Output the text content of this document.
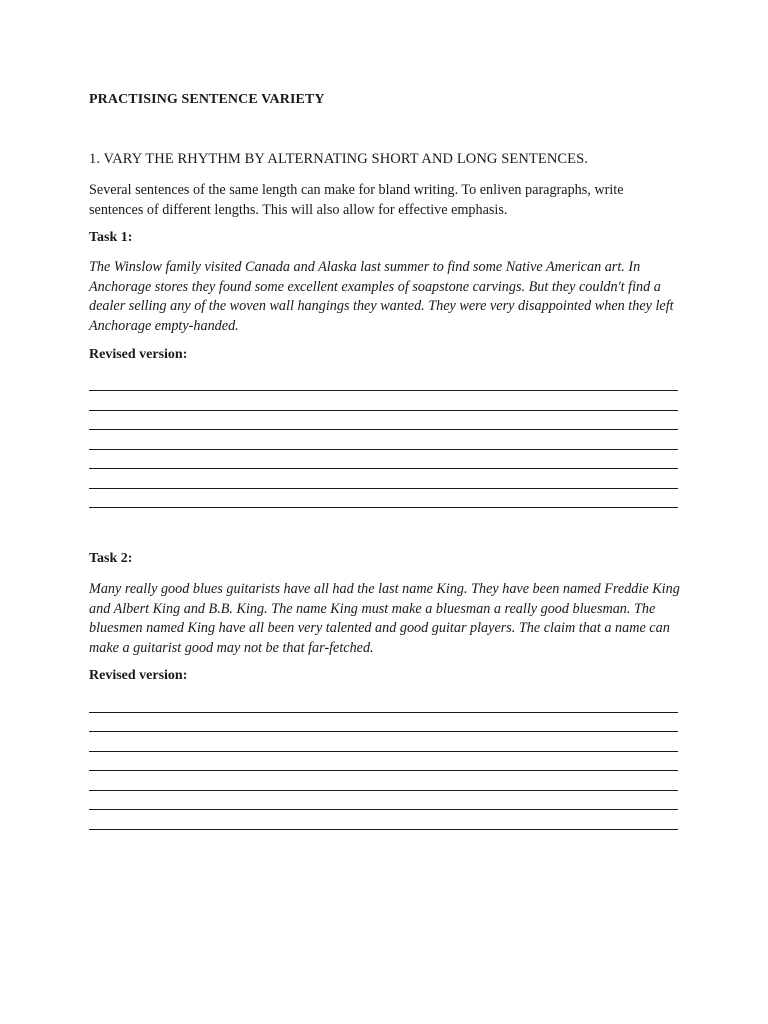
PRACTISING SENTENCE VARIETY
1. VARY THE RHYTHM BY ALTERNATING SHORT AND LONG SENTENCES.
Several sentences of the same length can make for bland writing. To enliven paragraphs, write sentences of different lengths. This will also allow for effective emphasis.
Task 1:
The Winslow family visited Canada and Alaska last summer to find some Native American art. In Anchorage stores they found some excellent examples of soapstone carvings. But they couldn't find a dealer selling any of the woven wall hangings they wanted. They were very disappointed when they left Anchorage empty-handed.
Revised version:
Task 2:
Many really good blues guitarists have all had the last name King. They have been named Freddie King and Albert King and B.B. King. The name King must make a bluesman a really good bluesman. The bluesmen named King have all been very talented and good guitar players. The claim that a name can make a guitarist good may not be that far-fetched.
Revised version:
